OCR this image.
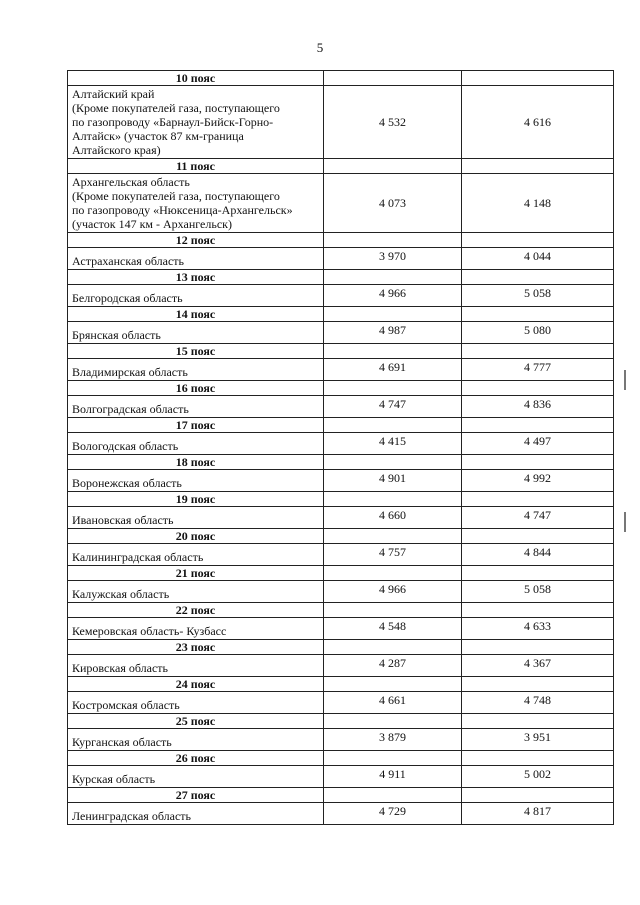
5
10 пояс		

Алтайский край
(Кроме покупателей газа, поступающего
по газопроводу «Барнаул-Бийск-Горно-
Алтайск» (участок 87 км-граница
Алтайского края)	4 532	4 616
11 пояс		

Архангельская область
(Кроме покупателей газа, поступающего
по газопроводу «Нюксеница-Архангельск»
(участок 147 км - Архангельск)	4 073	4 148
12 пояс		

Астраханская область	3 970	4 044
13 пояс		

Белгородская область	4 966	5 058
14 пояс		

Брянская область	4 987	5 080
15 пояс		

Владимирская область	4 691	4 777
16 пояс		

Волгоградская область	4 747	4 836
17 пояс		

Вологодская область	4 415	4 497
18 пояс		

Воронежская область	4 901	4 992
19 пояс		

Ивановская область	4 660	4 747
20 пояс		

Калининградская область	4 757	4 844
21 пояс		

Калужская область	4 966	5 058
22 пояс		

Кемеровская область- Кузбасс	4 548	4 633
23 пояс		

Кировская область	4 287	4 367
24 пояс		

Костромская область	4 661	4 748
25 пояс		

Курганская область	3 879	3 951
26 пояс		

Курская область	4 911	5 002
27 пояс		

Ленинградская область	4 729	4 817
